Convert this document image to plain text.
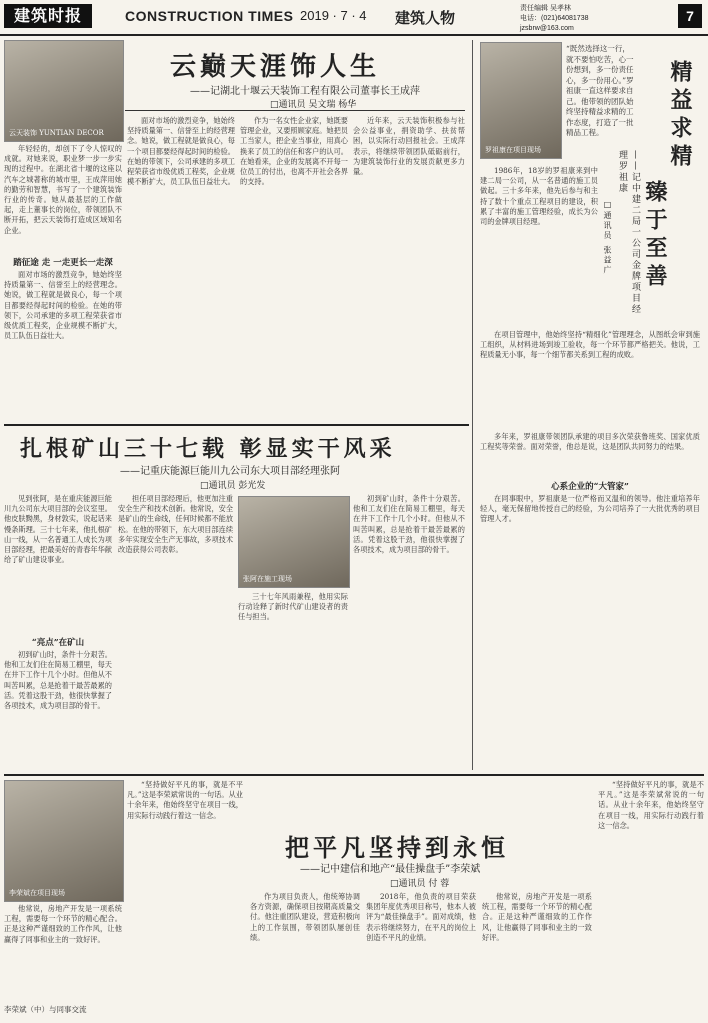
建筑时报	CONSTRUCTION TIMES 2019 · 7 · 4 建筑人物
责任编辑 吴孝林
电话：(021)64081738
jzsbrw@163.com
7
云天装饰 YUNTIAN DECOR
云巅天涯饰人生
——记湖北十堰云天装饰工程有限公司董事长王成萍
□通讯员 吴文瑞 杨华

年轻轻的，却创下了令人惊叹的成就。对她来说，职业梦一步一步实现的过程中。在湖北省十堰的这座以汽车之城著称的城市里，王成萍用她的勤劳和智慧，书写了一个建筑装饰行业的传奇。她从最基层的工作做起，走上董事长的岗位，带领团队不断开拓，把云天装饰打造成区域知名企业。

踏征途 走 一走更长一走深

面对市场的激烈竞争，她始终坚持质量第一、信誉至上的经营理念。她说，做工程就是做良心，每一个项目都要经得起时间的检验。在她的带领下，公司承建的多项工程荣获省市级优质工程奖，企业规模不断扩大，员工队伍日益壮大。

面对市场的激烈竞争，她始终坚持质量第一、信誉至上的经营理念。她说，做工程就是做良心，每一个项目都要经得起时间的检验。在她的带领下，公司承建的多项工程荣获省市级优质工程奖，企业规模不断扩大，员工队伍日益壮大。

作为一名女性企业家，她既要管理企业，又要照顾家庭。她把员工当家人，把企业当事业，用真心换来了员工的信任和客户的认可。在她看来，企业的发展离不开每一位员工的付出，也离不开社会各界的支持。

近年来，云天装饰积极参与社会公益事业，捐资助学、扶贫帮困，以实际行动回报社会。王成萍表示，将继续带领团队砥砺前行，为建筑装饰行业的发展贡献更多力量。

扎根矿山三十七载 彰显实干风采
——记重庆能源巨能川九公司东大项目部经理张阿
□通讯员 彭光发

见到张阿，是在重庆能源巨能川九公司东大项目部的会议室里。他皮肤黝黑，身材敦实，说起话来慢条斯理。三十七年来，他扎根矿山一线，从一名普通工人成长为项目部经理，把最美好的青春年华献给了矿山建设事业。

“亮点”在矿山

初到矿山时，条件十分艰苦。他和工友们住在简易工棚里，每天在井下工作十几个小时。但他从不叫苦叫累，总是抢着干最苦最累的活。凭着这股干劲，他很快掌握了各项技术，成为项目部的骨干。

担任项目部经理后，他更加注重安全生产和技术创新。他常说，安全是矿山的生命线，任何时候都不能放松。在他的带领下，东大项目部连续多年实现安全生产无事故，多项技术改造获得公司表彰。

张阿在施工现场

三十七年风雨兼程，他用实际行动诠释了新时代矿山建设者的责任与担当。

初到矿山时，条件十分艰苦。他和工友们住在简易工棚里，每天在井下工作十几个小时。但他从不叫苦叫累，总是抢着干最苦最累的活。凭着这股干劲，他很快掌握了各项技术，成为项目部的骨干。

罗祖康在项目现场
“既然选择这一行，就不要怕吃苦，心一份想到，多一份责任心，多一份用心。”罗祖康一直这样要求自己。他带领的团队始终坚持精益求精的工作态度，打造了一批精品工程。	精益求精
臻于至善
——记中建二局一公司金牌项目经理罗祖康
□通讯员 张益广

1986年，18岁的罗祖康来到中建二局一公司，从一名普通的施工员做起。三十多年来，他先后参与和主持了数十个重点工程项目的建设，积累了丰富的施工管理经验，成长为公司的金牌项目经理。

在项目管理中，他始终坚持“精细化”管理理念，从图纸会审到施工组织，从材料进场到竣工验收，每一个环节都严格把关。他说，工程质量无小事，每一个细节都关系到工程的成败。

多年来，罗祖康带领团队承建的项目多次荣获鲁班奖、国家优质工程奖等荣誉。面对荣誉，他总是说，这是团队共同努力的结果。

心系企业的“大管家”

在同事眼中，罗祖康是一位严格而又温和的领导。他注重培养年轻人，毫无保留地传授自己的经验，为公司培养了一大批优秀的项目管理人才。

李荣斌在项目现场
李荣斌（中）与同事交流

他常说，房地产开发是一项系统工程，需要每一个环节的精心配合。正是这种严谨细致的工作作风，让他赢得了同事和业主的一致好评。

“坚持做好平凡的事，就是不平凡。”这是李荣斌常说的一句话。从业十余年来，他始终坚守在项目一线，用实际行动践行着这一信念。

把平凡坚持到永恒
——记中建信和地产“最佳操盘手”李荣斌
□通讯员 付 蓉

作为项目负责人，他统筹协调各方资源，确保项目按期高质量交付。他注重团队建设，营造积极向上的工作氛围，带领团队屡创佳绩。

2018年，他负责的项目荣获集团年度优秀项目称号，他本人被评为“最佳操盘手”。面对成绩，他表示将继续努力，在平凡的岗位上创造不平凡的业绩。

他常说，房地产开发是一项系统工程，需要每一个环节的精心配合。正是这种严谨细致的工作作风，让他赢得了同事和业主的一致好评。

“坚持做好平凡的事，就是不平凡。”这是李荣斌常说的一句话。从业十余年来，他始终坚守在项目一线，用实际行动践行着这一信念。
